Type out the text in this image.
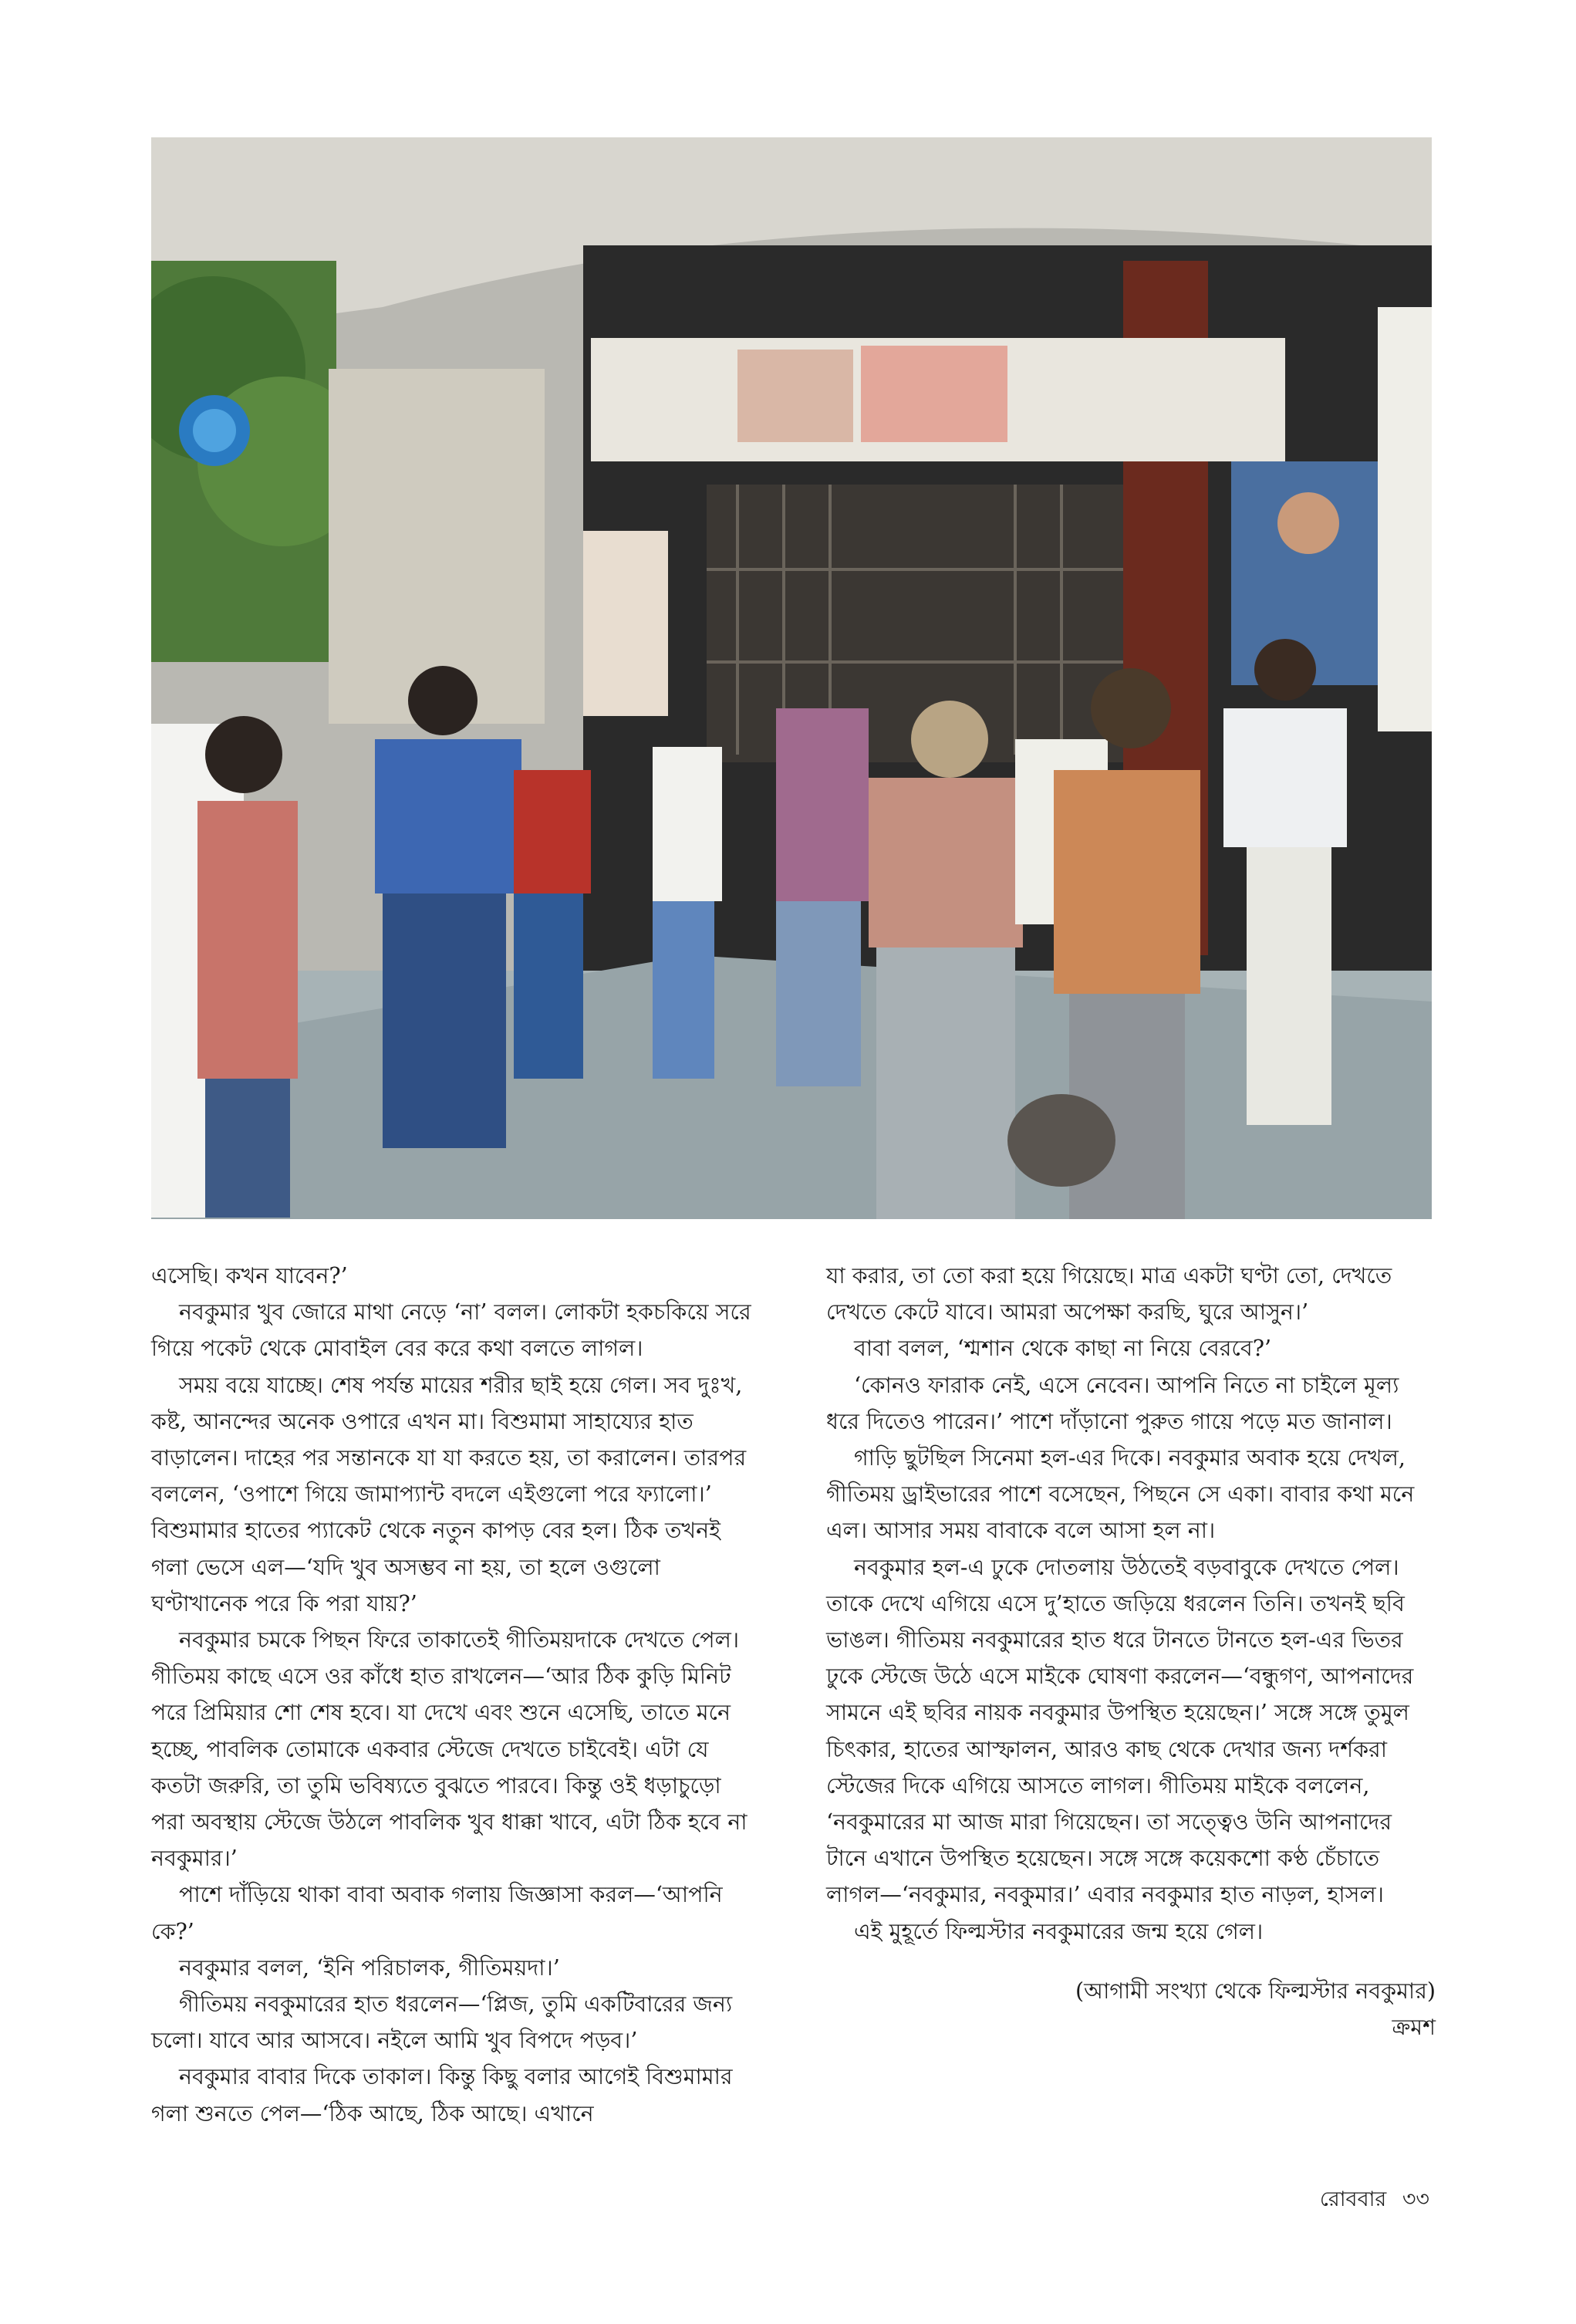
এসেছি। কখন যাবেন?’

নবকুমার খুব জোরে মাথা নেড়ে ‘না’ বলল। লোকটা হকচকিয়ে সরে গিয়ে পকেট থেকে মোবাইল বের করে কথা বলতে লাগল।

সময় বয়ে যাচ্ছে। শেষ পর্যন্ত মায়ের শরীর ছাই হয়ে গেল। সব দুঃখ, কষ্ট, আনন্দের অনেক ওপারে এখন মা। বিশুমামা সাহায্যের হাত বাড়ালেন। দাহের পর সন্তানকে যা যা করতে হয়, তা করালেন। তারপর বললেন, ‘ওপাশে গিয়ে জামাপ্যান্ট বদলে এইগুলো পরে ফ্যালো।’ বিশুমামার হাতের প্যাকেট থেকে নতুন কাপড় বের হল। ঠিক তখনই গলা ভেসে এল—‘যদি খুব অসম্ভব না হয়, তা হলে ওগুলো ঘণ্টাখানেক পরে কি পরা যায়?’

নবকুমার চমকে পিছন ফিরে তাকাতেই গীতিময়দাকে দেখতে পেল। গীতিময় কাছে এসে ওর কাঁধে হাত রাখলেন—‘আর ঠিক কুড়ি মিনিট পরে প্রিমিয়ার শো শেষ হবে। যা দেখে এবং শুনে এসেছি, তাতে মনে হচ্ছে, পাবলিক তোমাকে একবার স্টেজে দেখতে চাইবেই। এটা যে কতটা জরুরি, তা তুমি ভবিষ্যতে বুঝতে পারবে। কিন্তু ওই ধড়াচুড়ো পরা অবস্থায় স্টেজে উঠলে পাবলিক খুব ধাক্কা খাবে, এটা ঠিক হবে না নবকুমার।’

পাশে দাঁড়িয়ে থাকা বাবা অবাক গলায় জিজ্ঞাসা করল—‘আপনি কে?’

নবকুমার বলল, ‘ইনি পরিচালক, গীতিময়দা।’

গীতিময় নবকুমারের হাত ধরলেন—‘প্লিজ, তুমি একটিবারের জন্য চলো। যাবে আর আসবে। নইলে আমি খুব বিপদে পড়ব।’

নবকুমার বাবার দিকে তাকাল। কিন্তু কিছু বলার আগেই বিশুমামার গলা শুনতে পেল—‘ঠিক আছে, ঠিক আছে। এখানে

যা করার, তা তো করা হয়ে গিয়েছে। মাত্র একটা ঘণ্টা তো, দেখতে দেখতে কেটে যাবে। আমরা অপেক্ষা করছি, ঘুরে আসুন।’

বাবা বলল, ‘শ্মশান থেকে কাছা না নিয়ে বেরবে?’

‘কোনও ফারাক নেই, এসে নেবেন। আপনি নিতে না চাইলে মূল্য ধরে দিতেও পারেন।’ পাশে দাঁড়ানো পুরুত গায়ে পড়ে মত জানাল।

গাড়ি ছুটছিল সিনেমা হল-এর দিকে। নবকুমার অবাক হয়ে দেখল, গীতিময় ড্রাইভারের পাশে বসেছেন, পিছনে সে একা। বাবার কথা মনে এল। আসার সময় বাবাকে বলে আসা হল না।

নবকুমার হল-এ ঢুকে দোতলায় উঠতেই বড়বাবুকে দেখতে পেল। তাকে দেখে এগিয়ে এসে দু’হাতে জড়িয়ে ধরলেন তিনি। তখনই ছবি ভাঙল। গীতিময় নবকুমারের হাত ধরে টানতে টানতে হল-এর ভিতর ঢুকে স্টেজে উঠে এসে মাইকে ঘোষণা করলেন—‘বন্ধুগণ, আপনাদের সামনে এই ছবির নায়ক নবকুমার উপস্থিত হয়েছেন।’ সঙ্গে সঙ্গে তুমুল চিৎকার, হাতের আস্ফালন, আরও কাছ থেকে দেখার জন্য দর্শকরা স্টেজের দিকে এগিয়ে আসতে লাগল। গীতিময় মাইকে বললেন, ‘নবকুমারের মা আজ মারা গিয়েছেন। তা সত্ত্বেও উনি আপনাদের টানে এখানে উপস্থিত হয়েছেন। সঙ্গে সঙ্গে কয়েকশো কণ্ঠ চেঁচাতে লাগল—‘নবকুমার, নবকুমার।’ এবার নবকুমার হাত নাড়ল, হাসল।

এই মুহূর্তে ফিল্মস্টার নবকুমারের জন্ম হয়ে গেল।

(আগামী সংখ্যা থেকে ফিল্মস্টার নবকুমার)
ক্রমশ
রোববার ৩৩
